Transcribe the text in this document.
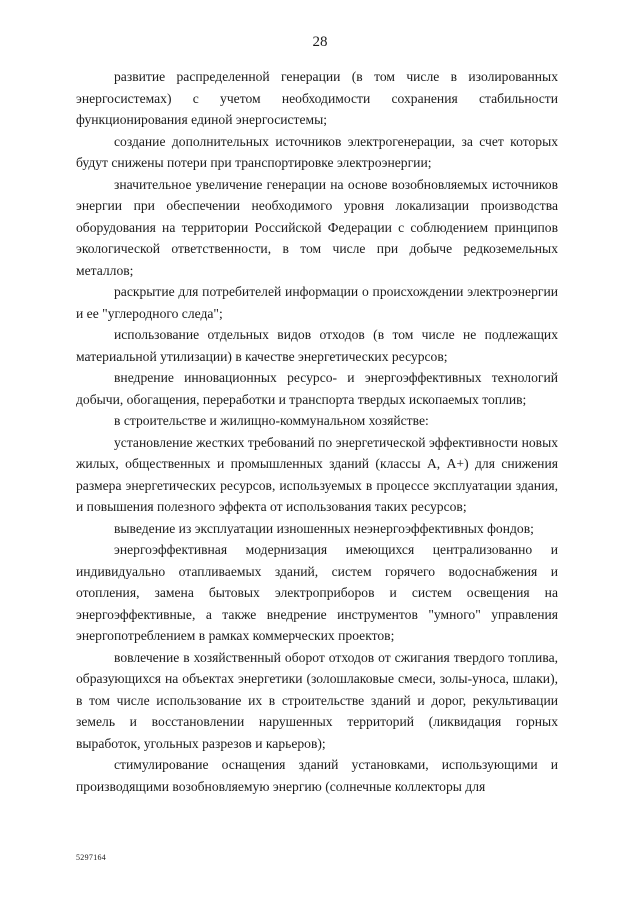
28

развитие распределенной генерации (в том числе в изолированных энергосистемах) с учетом необходимости сохранения стабильности функционирования единой энергосистемы;

создание дополнительных источников электрогенерации, за счет которых будут снижены потери при транспортировке электроэнергии;

значительное увеличение генерации на основе возобновляемых источников энергии при обеспечении необходимого уровня локализации производства оборудования на территории Российской Федерации с соблюдением принципов экологической ответственности, в том числе при добыче редкоземельных металлов;

раскрытие для потребителей информации о происхождении электроэнергии и ее "углеродного следа";

использование отдельных видов отходов (в том числе не подлежащих материальной утилизации) в качестве энергетических ресурсов;

внедрение инновационных ресурсо- и энергоэффективных технологий добычи, обогащения, переработки и транспорта твердых ископаемых топлив;

в строительстве и жилищно-коммунальном хозяйстве:

установление жестких требований по энергетической эффективности новых жилых, общественных и промышленных зданий (классы А, А+) для снижения размера энергетических ресурсов, используемых в процессе эксплуатации здания, и повышения полезного эффекта от использования таких ресурсов;

выведение из эксплуатации изношенных неэнергоэффективных фондов;

энергоэффективная модернизация имеющихся централизованно и индивидуально отапливаемых зданий, систем горячего водоснабжения и отопления, замена бытовых электроприборов и систем освещения на энергоэффективные, а также внедрение инструментов "умного" управления энергопотреблением в рамках коммерческих проектов;

вовлечение в хозяйственный оборот отходов от сжигания твердого топлива, образующихся на объектах энергетики (золошлаковые смеси, золы-уноса, шлаки), в том числе использование их в строительстве зданий и дорог, рекультивации земель и восстановлении нарушенных территорий (ликвидация горных выработок, угольных разрезов и карьеров);

стимулирование оснащения зданий установками, использующими и производящими возобновляемую энергию (солнечные коллекторы для

5297164
